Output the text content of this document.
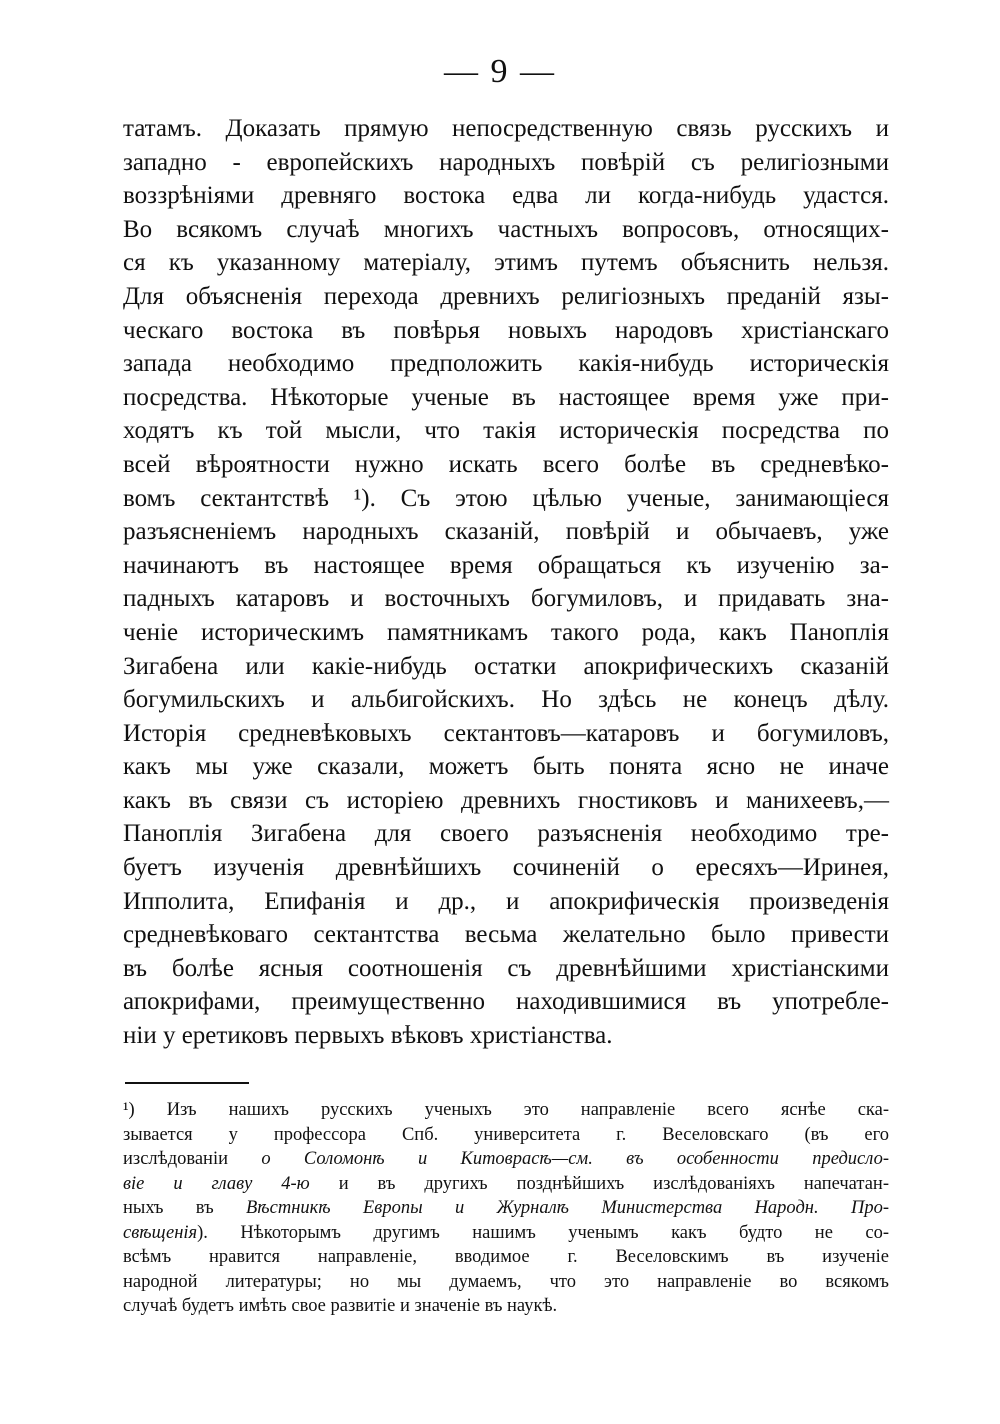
— 9 —
татамъ. Доказать прямую непосредственную связь русскихъ и
западно - европейскихъ народныхъ повѣрій съ религіозными
воззрѣніями древняго востока едва ли когда-нибудь удастся.
Во всякомъ случаѣ многихъ частныхъ вопросовъ, относящих-
ся къ указанному матеріалу, этимъ путемъ объяснить нельзя.
Для объясненія перехода древнихъ религіозныхъ преданій язы-
ческаго востока въ повѣрья новыхъ народовъ христіанскаго
запада необходимо предположить какія-нибудь историческія
посредства. Нѣкоторые ученые въ настоящее время уже при-
ходятъ къ той мысли, что такія историческія посредства по
всей вѣроятности нужно искать всего болѣе въ средневѣко-
вомъ сектантствѣ ¹). Съ этою цѣлью ученые, занимающіеся
разъясненіемъ народныхъ сказаній, повѣрій и обычаевъ, уже
начинаютъ въ настоящее время обращаться къ изученію за-
падныхъ катаровъ и восточныхъ богумиловъ, и придавать зна-
ченіе историческимъ памятникамъ такого рода, какъ Паноплія
Зигабена или какіе-нибудь остатки апокрифическихъ сказаній
богумильскихъ и альбигойскихъ. Но здѣсь не конецъ дѣлу.
Исторія средневѣковыхъ сектантовъ—катаровъ и богумиловъ,
какъ мы уже сказали, можетъ быть понята ясно не иначе
какъ въ связи съ исторіею древнихъ гностиковъ и манихеевъ,—
Паноплія Зигабена для своего разъясненія необходимо тре-
буетъ изученія древнѣйшихъ сочиненій о ересяхъ—Иринея,
Ипполита, Епифанія и др., и апокрифическія произведенія
средневѣковаго сектантства весьма желательно было привести
въ болѣе ясныя соотношенія съ древнѣйшими христіанскими
апокрифами, преимущественно находившимися въ употребле-
ніи у еретиковъ первыхъ вѣковъ христіанства.
¹) Изъ нашихъ русскихъ ученыхъ это направленіе всего яснѣе ска-
зывается у профессора Спб. университета г. Веселовскаго (въ его
изслѣдованіи о Соломонѣ и Китоврасѣ—см. въ особенности предисло-
віе и главу 4-ю и въ другихъ позднѣйшихъ изслѣдованіяхъ напечатан-
ныхъ въ Вѣстникѣ Европы и Журналѣ Министерства Народн. Про-
свѣщенія). Нѣкоторымъ другимъ нашимъ ученымъ какъ будто не со-
всѣмъ нравится направленіе, вводимое г. Веселовскимъ въ изученіе
народной литературы; но мы думаемъ, что это направленіе во всякомъ
случаѣ будетъ имѣть свое развитіе и значеніе въ наукѣ.
